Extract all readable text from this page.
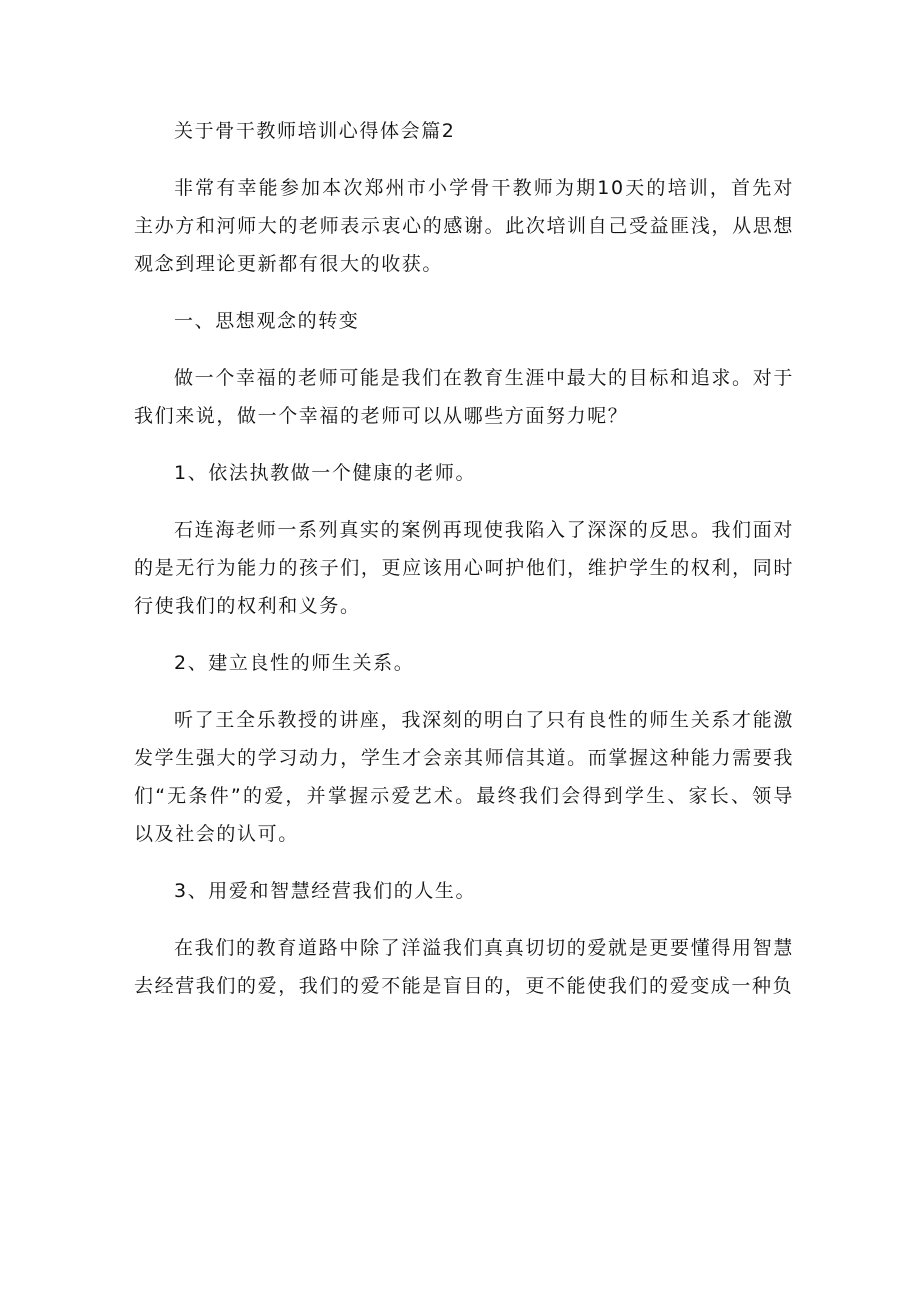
关于骨干教师培训心得体会篇2

非常有幸能参加本次郑州市小学骨干教师为期10天的培训，首先对主办方和河师大的老师表示衷心的感谢。此次培训自己受益匪浅，从思想观念到理论更新都有很大的收获。

一、思想观念的转变

做一个幸福的老师可能是我们在教育生涯中最大的目标和追求。对于我们来说，做一个幸福的老师可以从哪些方面努力呢？

1、依法执教做一个健康的老师。

石连海老师一系列真实的案例再现使我陷入了深深的反思。我们面对的是无行为能力的孩子们，更应该用心呵护他们，维护学生的权利，同时行使我们的权利和义务。

2、建立良性的师生关系。

听了王全乐教授的讲座，我深刻的明白了只有良性的师生关系才能激发学生强大的学习动力，学生才会亲其师信其道。而掌握这种能力需要我们“无条件”的爱，并掌握示爱艺术。最终我们会得到学生、家长、领导以及社会的认可。

3、用爱和智慧经营我们的人生。

在我们的教育道路中除了洋溢我们真真切切的爱就是更要懂得用智慧去经营我们的爱，我们的爱不能是盲目的，更不能使我们的爱变成一种负
